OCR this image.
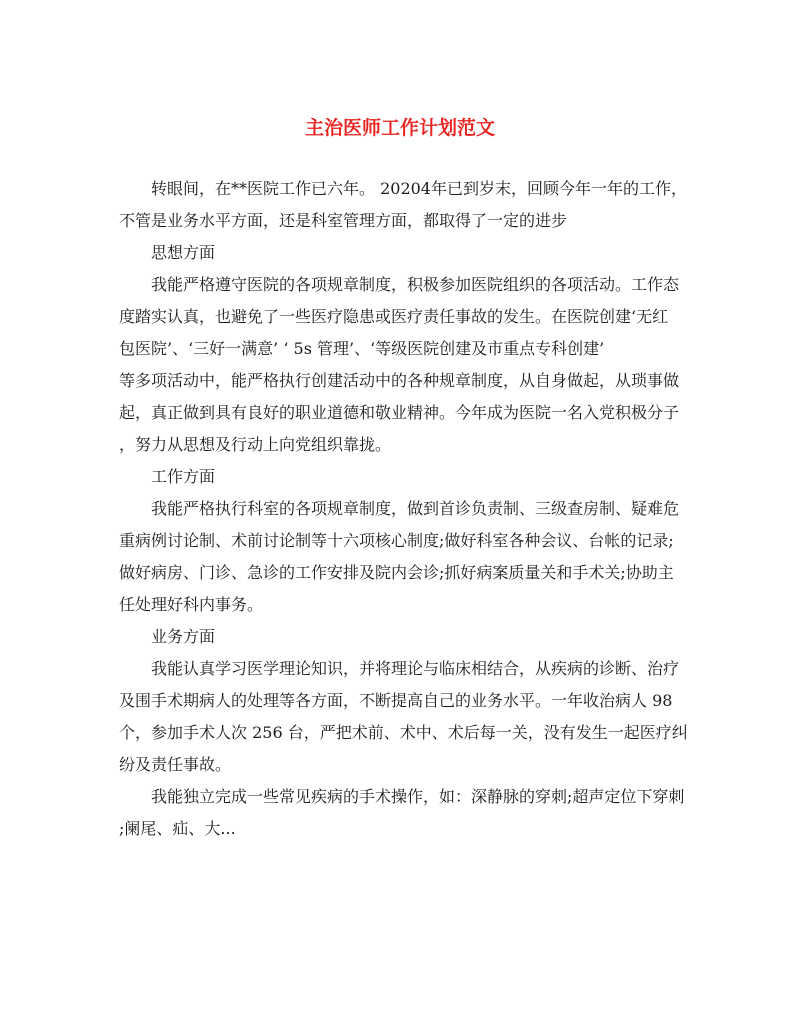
主治医师工作计划范文

转眼间，在**医院工作已六年。 20204年已到岁末，回顾今年一年的工作，

不管是业务水平方面，还是科室管理方面，都取得了一定的进步

思想方面

我能严格遵守医院的各项规章制度，积极参加医院组织的各项活动。工作态

度踏实认真，也避免了一些医疗隐患或医疗责任事故的发生。在医院创建‘无红

包医院’、‘三好一满意’ ‘ 5s 管理’、‘等级医院创建及市重点专科创建’

等多项活动中，能严格执行创建活动中的各种规章制度，从自身做起，从琐事做

起，真正做到具有良好的职业道德和敬业精神。今年成为医院一名入党积极分子

，努力从思想及行动上向党组织靠拢。

工作方面

我能严格执行科室的各项规章制度，做到首诊负责制、三级查房制、疑难危

重病例讨论制、术前讨论制等十六项核心制度;做好科室各种会议、台帐的记录;

做好病房、门诊、急诊的工作安排及院内会诊;抓好病案质量关和手术关;协助主

任处理好科内事务。

业务方面

我能认真学习医学理论知识，并将理论与临床相结合，从疾病的诊断、治疗

及围手术期病人的处理等各方面，不断提高自己的业务水平。一年收治病人 98

个，参加手术人次 256 台，严把术前、术中、术后每一关，没有发生一起医疗纠

纷及责任事故。

我能独立完成一些常见疾病的手术操作，如：深静脉的穿刺;超声定位下穿刺

;阑尾、疝、大...
